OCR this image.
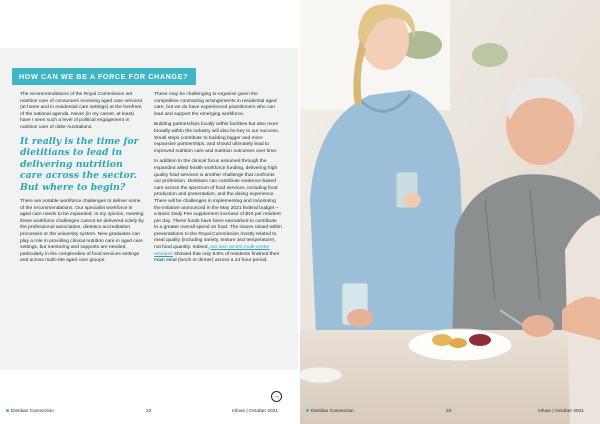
HOW CAN WE BE A FORCE FOR CHANGE?

The recommendations of the Royal Commission set nutrition care of consumers receiving aged care services (at home and in residential care settings) at the forefront of the national agenda. Never (in my career, at least) have I seen such a level of political engagement in nutrition care of older Australians.

It really is the time for dietitians to lead in delivering nutrition care across the sector. But where to begin?

There are notable workforce challenges to deliver some of the recommendations. Our specialist workforce in aged care needs to be expanded. In my opinion, meeting these workforce challenges cannot be delivered solely by the professional association, dietetics accreditation processes or the university system. New graduates can play a role in providing clinical nutrition care in aged care settings, but mentoring and supports are needed, particularly in the complexities of food services settings and across multi-site aged care groups.

These may be challenging to organise given the competitive contracting arrangements in residential aged care, but we do have experienced practitioners who can lead and support the emerging workforce.

Building partnerships locally within facilities but also more broadly within the industry will also be key to our success. Small steps contribute to building bigger and more expansive partnerships, and should ultimately lead to improved nutrition care and nutrition outcomes over time.

In addition to the clinical focus assumed through the expanded allied health workforce funding, delivering high quality food services is another challenge that confronts our profession. Dietitians can contribute evidence-based care across the spectrum of food services, including food production and presentation, and the dining experience. There will be challenges in implementing and monitoring the initiative announced in the May 2021 federal budget – a Basic Daily Fee supplement increase of $10 per resident per day. These funds have been earmarked to contribute to a greater overall spend on food. The issues raised within presentations to the Royal Commission mostly related to meal quality (including variety, texture and temperature), not food quantity. Indeed, our own recent multi-centre research showed that only 9.8% of residents finished their main meal (lunch or dinner) across a 24 hour period.

→
Dietitian Connection	22	Infuse | October 2021	Dietitian Connection	23	Infuse | October 2021
